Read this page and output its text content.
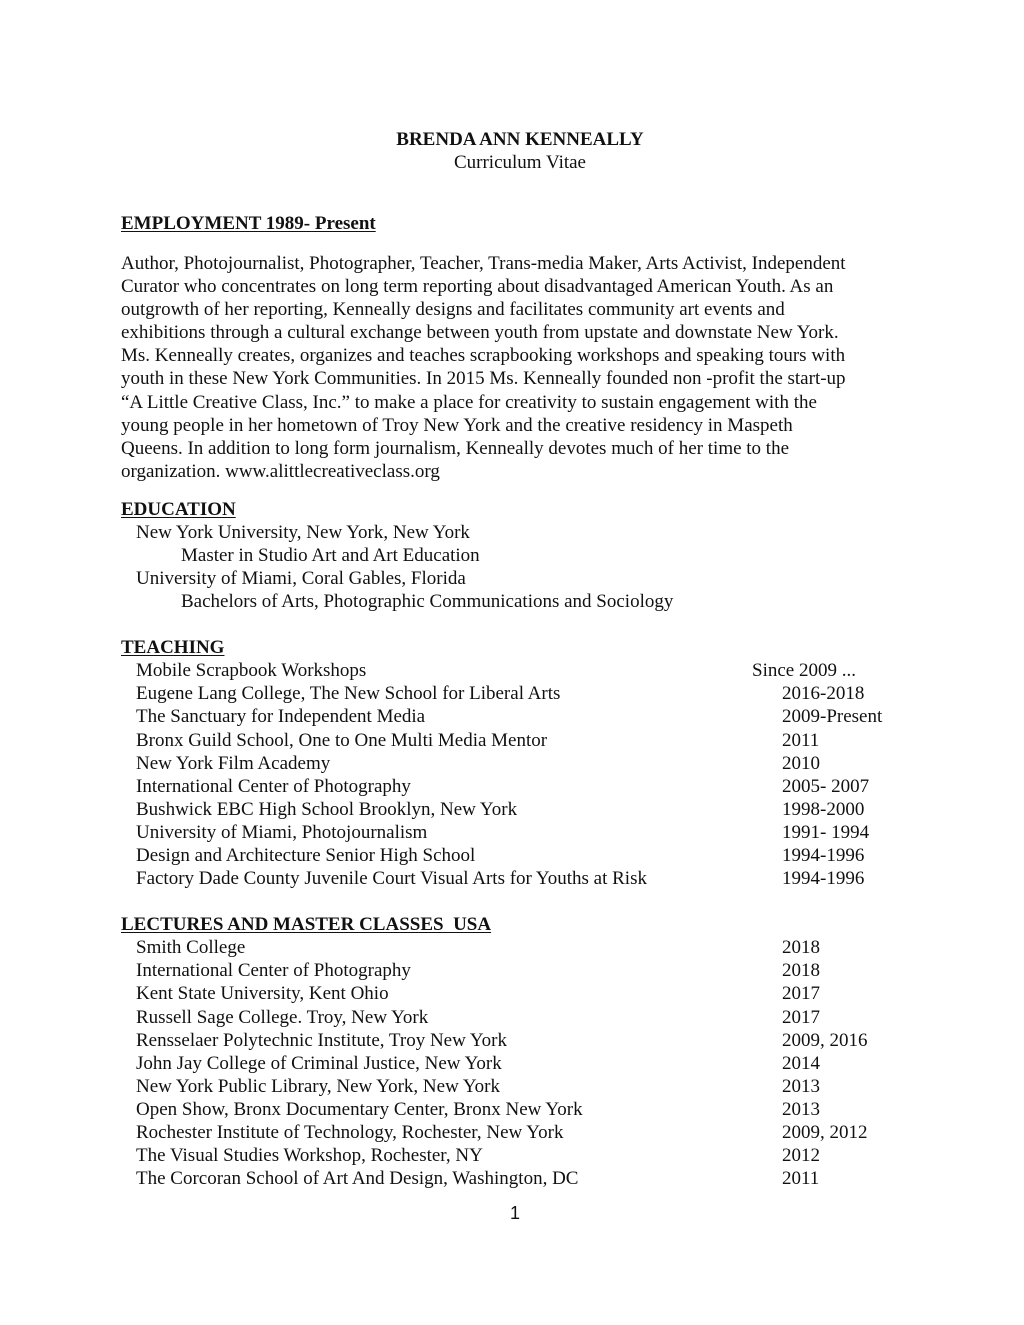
BRENDA ANN KENNEALLY
Curriculum Vitae
EMPLOYMENT 1989- Present
Author, Photojournalist, Photographer, Teacher, Trans-media Maker, Arts Activist, Independent
Curator who concentrates on long term reporting about disadvantaged American Youth. As an
outgrowth of her reporting, Kenneally designs and facilitates community art events and
exhibitions through a cultural exchange between youth from upstate and downstate New York.
Ms. Kenneally creates, organizes and teaches scrapbooking workshops and speaking tours with
youth in these New York Communities. In 2015 Ms. Kenneally founded non -profit the start-up
“A Little Creative Class, Inc.” to make a place for creativity to sustain engagement with the
young people in her hometown of Troy New York and the creative residency in Maspeth
Queens. In addition to long form journalism, Kenneally devotes much of her time to the
organization. www.alittlecreativeclass.org
EDUCATION
New York University, New York, New York
Master in Studio Art and Art Education
University of Miami, Coral Gables, Florida
Bachelors of Arts, Photographic Communications and Sociology
TEACHING
Mobile Scrapbook Workshops	Since 2009 ...
Eugene Lang College, The New School for Liberal Arts	2016-2018
The Sanctuary for Independent Media	2009-Present
Bronx Guild School, One to One Multi Media Mentor	2011
New York Film Academy	2010
International Center of Photography	2005- 2007
Bushwick EBC High School Brooklyn, New York	1998-2000
University of Miami, Photojournalism	1991- 1994
Design and Architecture Senior High School	1994-1996
Factory Dade County Juvenile Court Visual Arts for Youths at Risk	1994-1996
LECTURES AND MASTER CLASSES  USA
Smith College	2018
International Center of Photography	2018
Kent State University, Kent Ohio	2017
Russell Sage College. Troy, New York	2017
Rensselaer Polytechnic Institute, Troy New York	2009, 2016
John Jay College of Criminal Justice, New York	2014
New York Public Library, New York, New York	2013
Open Show, Bronx Documentary Center, Bronx New York	2013
Rochester Institute of Technology, Rochester, New York	2009, 2012
The Visual Studies Workshop, Rochester, NY	2012
The Corcoran School of Art And Design, Washington, DC	2011
1
